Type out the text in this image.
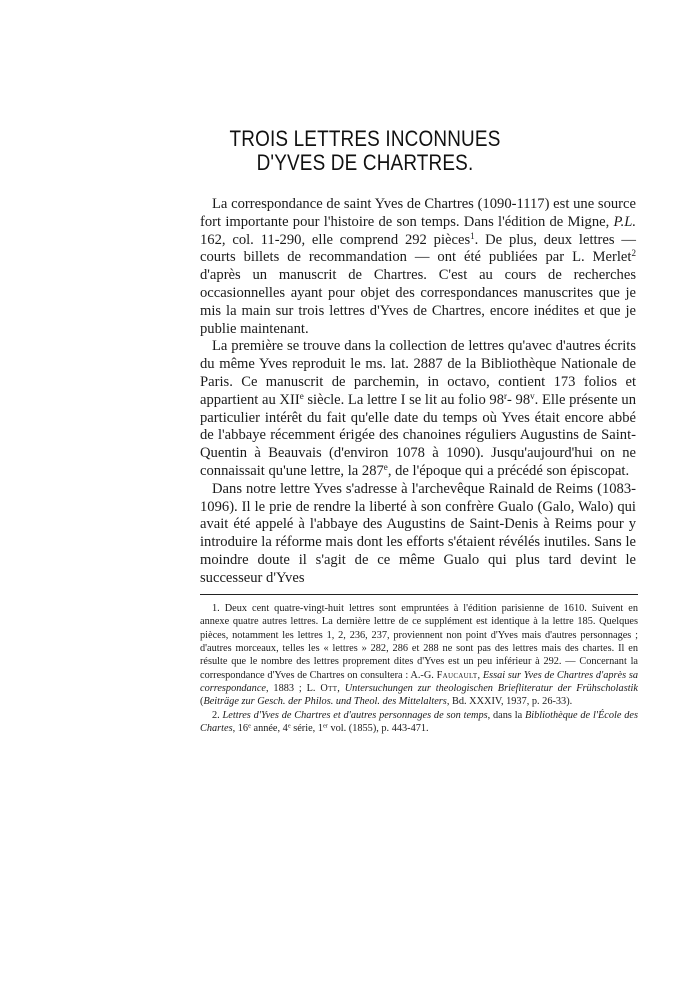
TROIS LETTRES INCONNUES
D'YVES DE CHARTRES.

La correspondance de saint Yves de Chartres (1090-1117) est une source fort importante pour l'histoire de son temps. Dans l'édition de Migne, P.L. 162, col. 11-290, elle comprend 292 pièces$^1$. De plus, deux lettres — courts billets de recommandation — ont été publiées par L. Merlet$^2$ d'après un manuscrit de Chartres. C'est au cours de recherches occasionnelles ayant pour objet des correspondances manuscrites que je mis la main sur trois lettres d'Yves de Chartres, encore inédites et que je publie maintenant.

La première se trouve dans la collection de lettres qu'avec d'autres écrits du même Yves reproduit le ms. lat. 2887 de la Bibliothèque Nationale de Paris. Ce manuscrit de parchemin, in octavo, contient 173 folios et appartient au XIIe siècle. La lettre I se lit au folio 98$^r$- 98$^v$. Elle présente un particulier intérêt du fait qu'elle date du temps où Yves était encore abbé de l'abbaye récemment érigée des chanoines réguliers Augustins de Saint-Quentin à Beauvais (d'environ 1078 à 1090). Jusqu'aujourd'hui on ne connaissait qu'une lettre, la 287e, de l'époque qui a précédé son épiscopat.

Dans notre lettre Yves s'adresse à l'archevêque Rainald de Reims (1083-1096). Il le prie de rendre la liberté à son confrère Gualo (Galo, Walo) qui avait été appelé à l'abbaye des Augustins de Saint-Denis à Reims pour y introduire la réforme mais dont les efforts s'étaient révélés inutiles. Sans le moindre doute il s'agit de ce même Gualo qui plus tard devint le successeur d'Yves

1. Deux cent quatre-vingt-huit lettres sont empruntées à l'édition parisienne de 1610. Suivent en annexe quatre autres lettres. La dernière lettre de ce supplément est identique à la lettre 185. Quelques pièces, notamment les lettres 1, 2, 236, 237, proviennent non point d'Yves mais d'autres personnages ; d'autres morceaux, telles les « lettres » 282, 286 et 288 ne sont pas des lettres mais des chartes. Il en résulte que le nombre des lettres proprement dites d'Yves est un peu inférieur à 292. — Concernant la correspondance d'Yves de Chartres on consultera : A.-G. Faucault, Essai sur Yves de Chartres d'après sa correspondance, 1883 ; L. Ott, Untersuchungen zur theologischen Briefliteratur der Frühscholastik (Beiträge zur Gesch. der Philos. und Theol. des Mittelalters, Bd. XXXIV, 1937, p. 26-33).

2. Lettres d'Yves de Chartres et d'autres personnages de son temps, dans la Bibliothèque de l'École des Chartes, 16e année, 4e série, 1er vol. (1855), p. 443-471.
